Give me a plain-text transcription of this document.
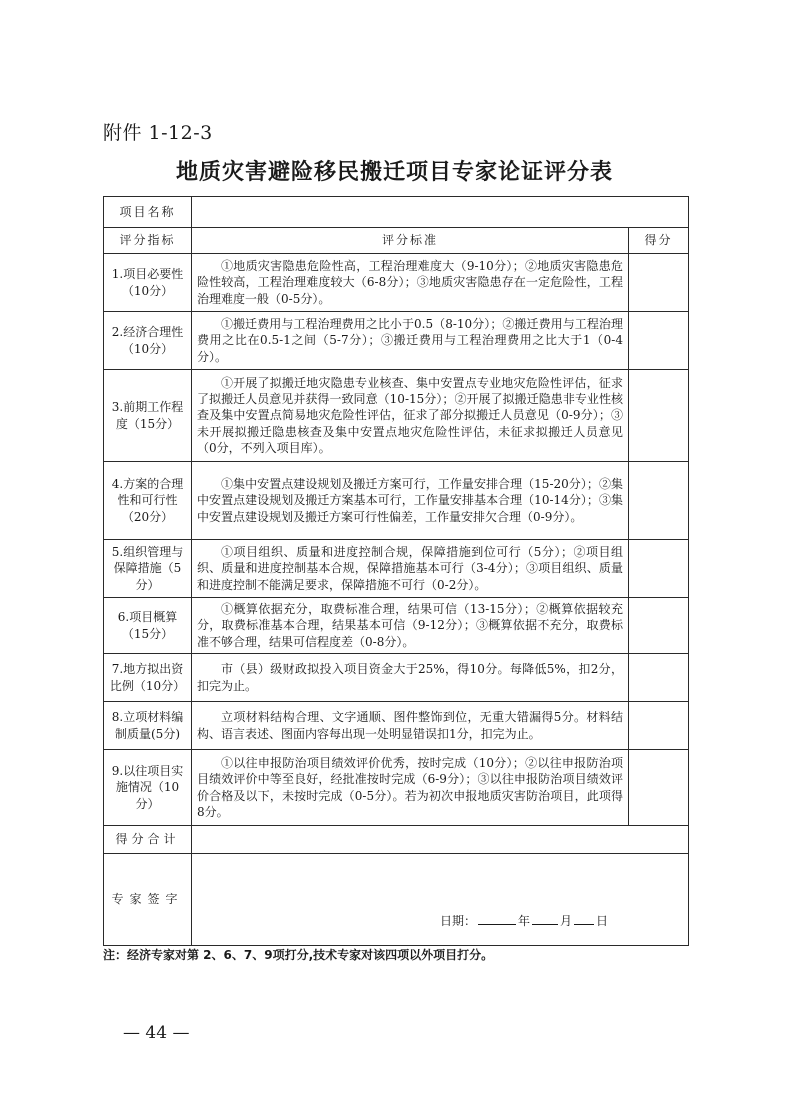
附件 1-12-3
地质灾害避险移民搬迁项目专家论证评分表
项目名称		
评分指标	评分标准	得分
1.项目必要性（10分）	①地质灾害隐患危险性高，工程治理难度大（9-10分）；②地质灾害隐患危险性较高，工程治理难度较大（6-8分）；③地质灾害隐患存在一定危险性，工程治理难度一般（0-5分）。	
2.经济合理性（10分）	①搬迁费用与工程治理费用之比小于0.5（8-10分）；②搬迁费用与工程治理费用之比在0.5-1之间（5-7分）；③搬迁费用与工程治理费用之比大于1（0-4分）。	
3.前期工作程度（15分）	①开展了拟搬迁地灾隐患专业核查、集中安置点专业地灾危险性评估，征求了拟搬迁人员意见并获得一致同意（10-15分）；②开展了拟搬迁隐患非专业性核查及集中安置点简易地灾危险性评估，征求了部分拟搬迁人员意见（0-9分）；③未开展拟搬迁隐患核查及集中安置点地灾危险性评估，未征求拟搬迁人员意见（0分，不列入项目库）。	
4.方案的合理性和可行性（20分）	①集中安置点建设规划及搬迁方案可行，工作量安排合理（15-20分）；②集中安置点建设规划及搬迁方案基本可行，工作量安排基本合理（10-14分）；③集中安置点建设规划及搬迁方案可行性偏差，工作量安排欠合理（0-9分）。	
5.组织管理与保障措施（5分）	①项目组织、质量和进度控制合规，保障措施到位可行（5分）；②项目组织、质量和进度控制基本合规，保障措施基本可行（3-4分）；③项目组织、质量和进度控制不能满足要求，保障措施不可行（0-2分）。	
6.项目概算（15分）	①概算依据充分，取费标准合理，结果可信（13-15分）；②概算依据较充分，取费标准基本合理，结果基本可信（9-12分）；③概算依据不充分，取费标准不够合理，结果可信程度差（0-8分）。	
7.地方拟出资比例（10分）	市（县）级财政拟投入项目资金大于25%，得10分。每降低5%，扣2分，扣完为止。	
8.立项材料编制质量(5分)	立项材料结构合理、文字通顺、图件整饰到位，无重大错漏得5分。材料结构、语言表述、图面内容每出现一处明显错误扣1分，扣完为止。	
9.以往项目实施情况（10分）	①以往申报防治项目绩效评价优秀，按时完成（10分）；②以往申报防治项目绩效评价中等至良好，经批准按时完成（6-9分）；③以往申报防治项目绩效评价合格及以下，未按时完成（0-5分）。若为初次申报地质灾害防治项目，此项得8分。	
得分合计		
专家签字	日期： 年 月 日	
注：经济专家对第 2、6、7、9项打分,技术专家对该四项以外项目打分。
— 44 —
